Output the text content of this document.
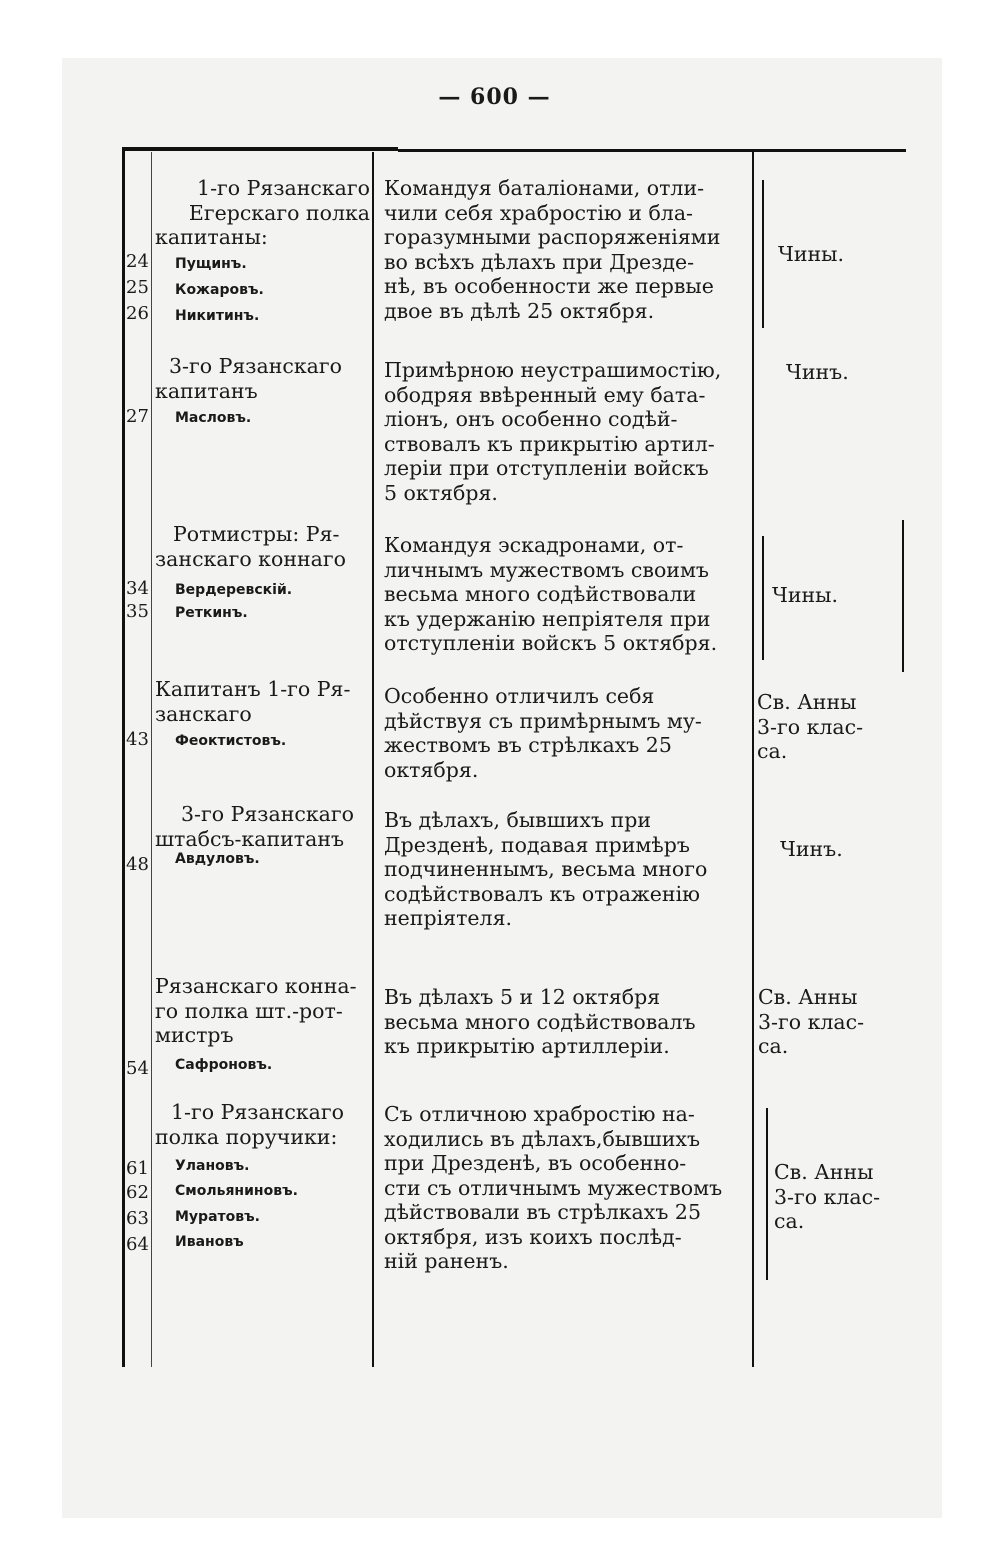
— 600 —
1-го Рязанскаго
Егерскаго полка
капитаны:
24 Пущинъ.
25 Кожаровъ.
26 Никитинъ.
Командуя баталіонами, отли-
чили себя храбростію и бла-
горазумными распоряженіями
во всѣхъ дѣлахъ при Дрезде-
нѣ, въ особенности же первые
двое въ дѣлѣ 25 октября.
Чины.
3-го Рязанскаго
капитанъ
27 Масловъ.
Примѣрною неустрашимостію,
ободряя ввѣренный ему бата-
ліонъ, онъ особенно содѣй-
ствовалъ къ прикрытію артил-
леріи при отступленіи войскъ
5 октября.
Чинъ.
Ротмистры: Ря-
занскаго коннаго
34 Вердеревскій.
35 Реткинъ.
Командуя эскадронами, от-
личнымъ мужествомъ своимъ
весьма много содѣйствовали
къ удержанію непріятеля при
отступленіи войскъ 5 октября.
Чины.
Капитанъ 1-го Ря-
занскаго
43 Феоктистовъ.
Особенно отличилъ себя
дѣйствуя съ примѣрнымъ му-
жествомъ въ стрѣлкахъ 25
октября.
Св. Анны
3-го клас-
са.
3-го Рязанскаго
штабсъ-капитанъ
48 Авдуловъ.
Въ дѣлахъ, бывшихъ при
Дрезденѣ, подавая примѣръ
подчиненнымъ, весьма много
содѣйствовалъ къ отраженію
непріятеля.
Чинъ.
Рязанскаго конна-
го полка шт.-рот-
мистръ
54 Сафроновъ.
Въ дѣлахъ 5 и 12 октября
весьма много содѣйствовалъ
къ прикрытію артиллеріи.
Св. Анны
3-го клас-
са.
1-го Рязанскаго
полка поручики:
61 Улановъ.
62 Смольяниновъ.
63 Муратовъ.
64 Ивановъ
Съ отличною храбростію на-
ходились въ дѣлахъ,бывшихъ
при Дрезденѣ, въ особенно-
сти съ отличнымъ мужествомъ
дѣйствовали въ стрѣлкахъ 25
октября, изъ коихъ послѣд-
ній раненъ.
Св. Анны
3-го клас-
са.
